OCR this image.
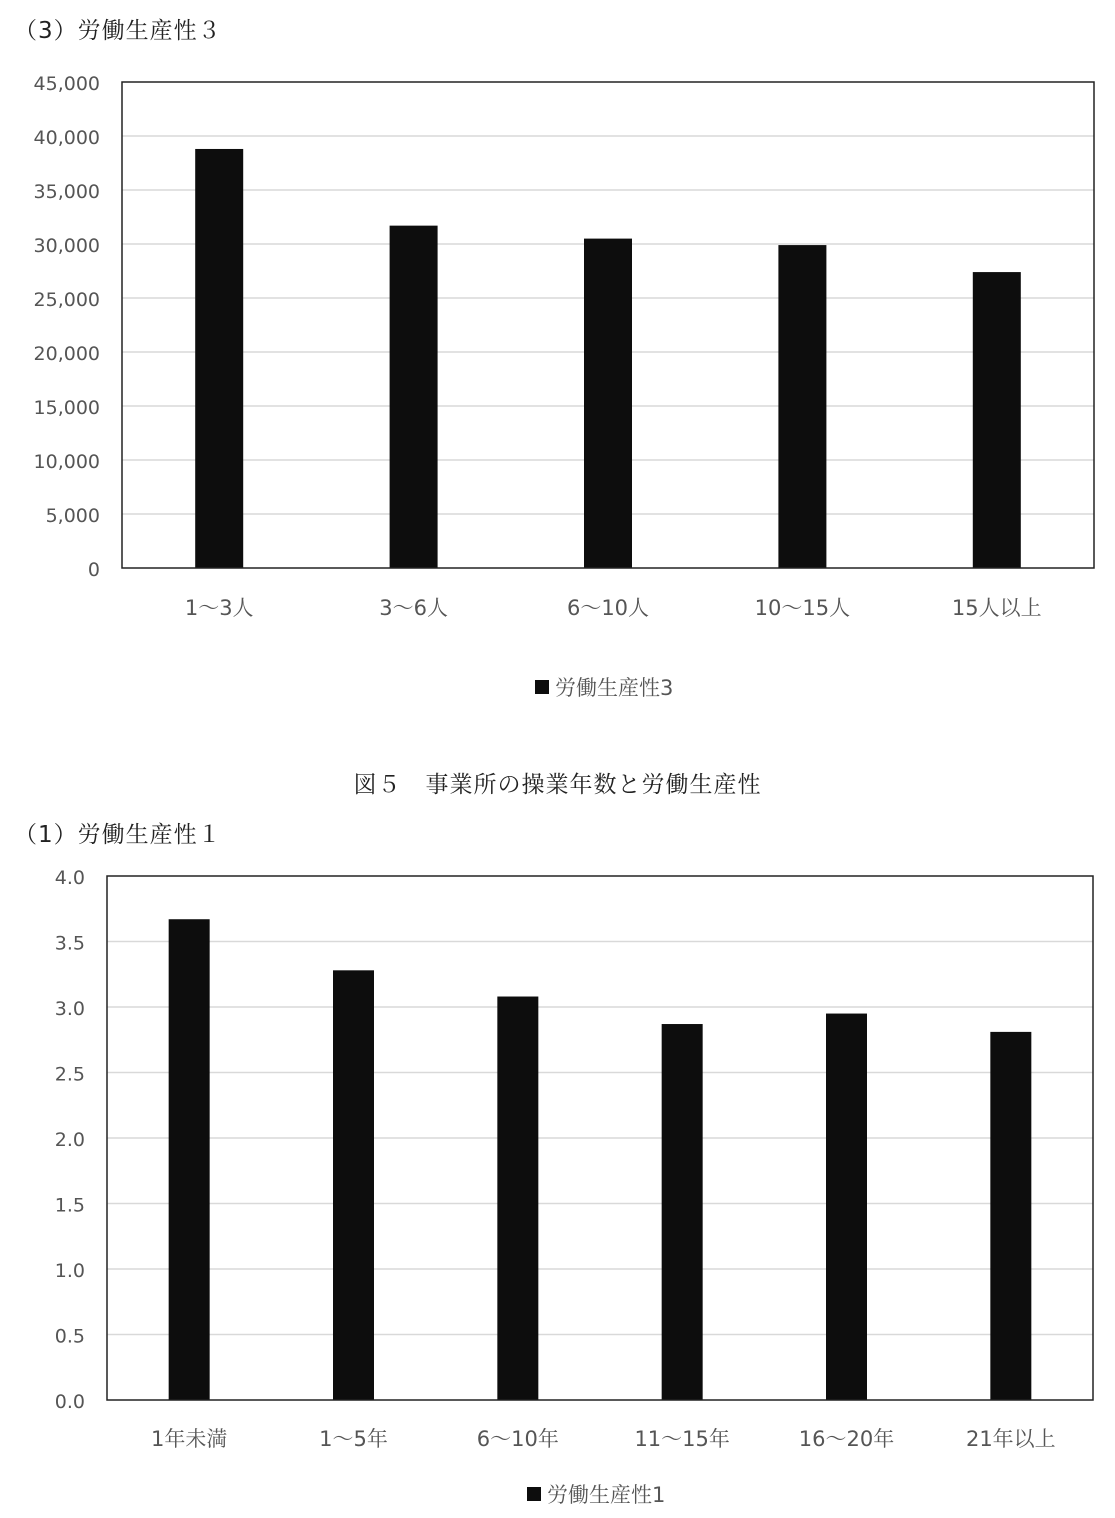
（3）労働生産性３
0
5,000
10,000
15,000
20,000
25,000
30,000
35,000
40,000
45,000
1～3人	3～6人	6～10人	10～15人	15人以上
労働生産性3
図５　事業所の操業年数と労働生産性
（1）労働生産性１
0.0
0.5
1.0
1.5
2.0
2.5
3.0
3.5
4.0
1年未満	1～5年	6～10年	11～15年	16～20年	21年以上
労働生産性1
